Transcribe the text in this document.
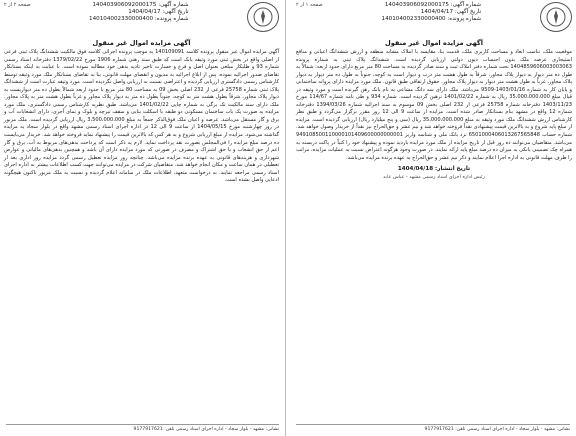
صفحه ۲ از ۲	شماره آگهی: 140403906092000175
تاریخ آگهی: 1404/04/17
شماره پرونده: 140104002330000400
آگهی مزایده اموال غیر منقول
آگهی مزایده اموال غیر منقول پرونده کلاسه 140109091 به موجب پرونده اجرائی کلاسه فوق مالکیت ششدانگ پلاک ثبتی فرعی از اصلی واقع در بخش ثبتی مورد وثیقه بانک است که طبق سند رهنی شماره 1906 مورخ 1379/02/22 دفترخانه اسناد رسمی شماره 93 و طلبکار مبلغی بعنوان اصل و فرع و خسارت تاخیر تادیه بدهی خود مطالبه نموده است. با عنایت به اینکه بستانکار تقاضای صدور اجرائیه نموده، پس از ابلاغ اجرائیه به مدیون و انقضای مهلت قانونی، بنا به تقاضای بستانکار ملک مورد وثیقه توسط کارشناس رسمی دادگستری ارزیابی گردیده و اعتراضی نسبت به ارزیابی واصل نگردیده است. مورد وثیقه عبارت است از ششدانگ پلاک ثبتی شماره 25758 فرعی از 232 اصلی بخش 09 به مساحت 80 متر مربع با حدود اربعه شمالاً بطول ده متر دیواریست به دیوار پلاک مجاور، شرقاً بطول هشت متر به کوچه، جنوباً بطول ده متر به دیوار پلاک مجاور و غرباً بطول هشت متر به پلاک مجاور. ملک دارای سند مالکیت تک برگی به شماره چاپی 1401/02/22 می‌باشد. طبق نظریه کارشناس رسمی دادگستری، ملک مورد مزایده به صورت یک باب ساختمان مسکونی دو طبقه با اسکلت بنایی و سقف تیرچه و بلوک و نمای آجری، دارای انشعابات آب و برق و گاز مستقل می‌باشد. عرصه و اعیان ملک فوق‌الذکر جمعاً به مبلغ 3،500،000،000 ریال ارزیابی گردیده است. ملک مزبور در روز چهارشنبه مورخ 1404/05/15 از ساعت 9 الی 12 در اداره اجرای اسناد رسمی مشهد واقع در بلوار سجاد به مزایده گذاشته می‌شود. مزایده از مبلغ ارزیابی شروع و به هر کس که بالاترین قیمت را پیشنهاد نماید فروخته خواهد شد. خریدار می‌بایست ده درصد مبلغ مزایده را فی‌المجلس بصورت نقد پرداخت نماید. لازم به ذکر است که پرداخت بدهی‌های مربوط به آب، برق و گاز اعم از حق انشعاب و یا حق اشتراک و مصرف در صورتی که مورد مزایده دارای آن باشد و همچنین بدهی‌های مالیاتی و عوارض شهرداری و هزینه‌های قانونی به عهده برنده مزایده می‌باشد. چنانچه روز مزایده تعطیل رسمی گردد مزایده روز اداری بعد از تعطیلی در همان ساعت و مکان انجام خواهد شد. متقاضیان شرکت در مزایده می‌توانند جهت کسب اطلاعات بیشتر به اداره اجرای اسناد رسمی مراجعه نمایند. به درخواست متعهد، اطلاعات ملک در سامانه اعلام گردیده و نسبت به ملک مزبور تاکنون هیچگونه ادعایی واصل نشده است.
نشانی: مشهد - بلوار سجاد - اداره اجرای اسناد رسمی تلفن: 9177917621
صفحه ۱ از ۲	شماره آگهی: 140403906092000175
تاریخ آگهی: 1404/04/17
شماره پرونده: 140104002330000400
آگهی مزایده اموال غیر منقول
موقعیت ملک، تناسب ابعاد و مساحت کاربری ملک، قدمت بنا، مقایسه با املاک مشابه منطقه و ارزش ششدانگ اعیانی و منافع استیجاری عرصه ملک بدون احتساب دیون دولتی ارزیابی گردیده است. ششدانگ پلاک ثبتی به شماره پرونده 1404859606003003063 تحت شماره دفتر املاک ثبت و سند صادر گردیده به مساحت 80 متر مربع دارای حدود اربعه: شمالاً به طول ده متر دیوار به دیوار پلاک مجاور، شرقاً به طول هشت متر درب و دیوار است به کوچه، جنوباً به طول ده متر دیوار به دیوار پلاک مجاور، غرباً به طول هشت متر دیوار به دیوار پلاک مجاور. حقوق ارتفاقی طبق قانون. ملک مورد مزایده دارای پروانه ساختمانی و پایان کار به شماره 1403/01/16-9509 می‌باشد. ملک دارای سه دانگ مشاعی به نام بانک رهن گیرنده است و مورد وثیقه در قبال مبلغ 35،000،000،000 ریال به شماره 1401/02/22 ترهین گردیده است. شماره 934 و طی نامه شماره 114/67 مورخ 1403/11/23 دفترخانه شماره 25758 فرعی از 232 اصلی بخش 09 موسوم به سند اجرائیه شماره 1394/03/26 دفترخانه شماره 12 واقع در مشهد بنام بستانکار صادر شده است. مزایده از ساعت 9 الی 12 روز مقرر برگزار می‌گردد و طبق نظر کارشناس ارزش ششدانگ ملک مورد وثیقه به مبلغ 35،000،000،000 ریال (سی و پنج میلیارد ریال) ارزیابی گردیده است. مزایده از مبلغ پایه شروع و به بالاترین قیمت پیشنهادی نقداً فروخته خواهد شد و نیم عشر و حق‌الحراج نیز نقداً از خریدار وصول خواهد شد. شماره حساب 6501000406013267565848 نزد بانک ملی و شناسه واریز 949108500110000101409600000000001 می‌باشد. متقاضیان می‌توانند ده روز قبل از تاریخ مزایده از ملک مورد مزایده بازدید نموده و پیشنهاد خود را کتباً در پاکت دربسته به همراه چک تضمینی بانکی به میزان ده درصد مبلغ پایه ارائه نمایند. در صورت وجود هرگونه اعتراض نسبت به عملیات مزایده، مراتب را ظرف مهلت قانونی به اداره اجرا اعلام نمایند و ذکر نیم عشر و حق‌الحراج به عهده برنده مزایده می‌باشد.
تاریخ انتشار: 1404/04/18
رئیس اداره اجرای اسناد رسمی مشهد - عباس عابد
نشانی: مشهد - بلوار سجاد - اداره اجرای اسناد رسمی تلفن: 9177917621
